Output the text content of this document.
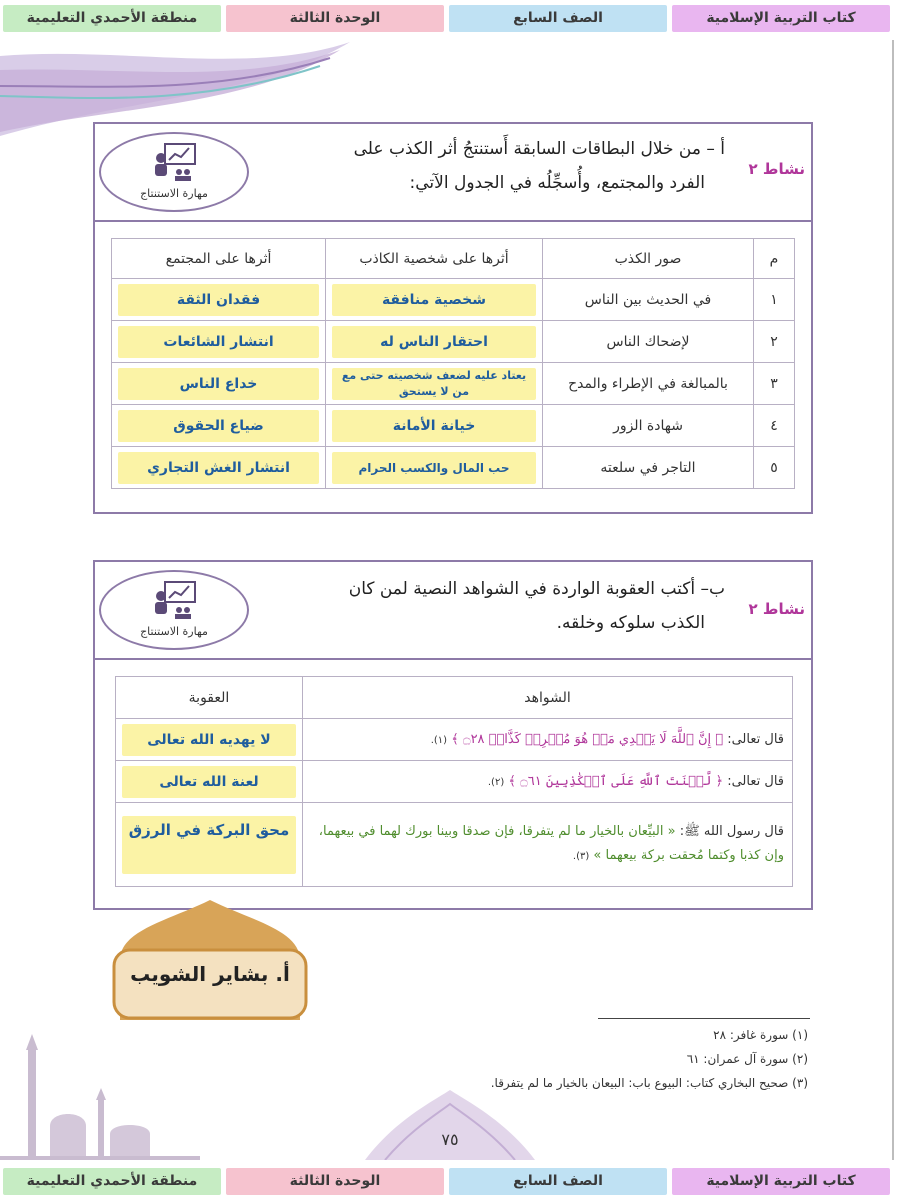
كتاب التربية الإسلامية
الصف السابع
الوحدة الثالثة
منطقة الأحمدي التعليمية
نشاط ٢
أ – من خلال البطاقات السابقة أَستنتجُ أثر الكذب على
الفرد والمجتمع، وأُسجِّلُه في الجدول الآتي:
مهارة الاستنتاج
م	صور الكذب	أثرها على شخصية الكاذب	أثرها على المجتمع
١	في الحديث بين الناس	شخصية منافقة	فقدان الثقة

٢	لإضحاك الناس	احتقار الناس له	انتشار الشائعات

٣	بالمبالغة في الإطراء والمدح	يعتاد عليه لضعف شخصيته حتى مع من لا يستحق	خداع الناس

٤	شهادة الزور	خيانة الأمانة	ضياع الحقوق

٥	التاجر في سلعته	حب المال والكسب الحرام	انتشار الغش التجاري
نشاط ٢
ب– أكتب العقوبة الواردة في الشواهد النصية لمن كان
الكذب سلوكه وخلقه.
مهارة الاستنتاج
الشواهد	العقوبة
قال تعالى: ﴿ إِنَّ ٱللَّهَ لَا يَهۡدِي مَنۡ هُوَ مُسۡرِفٞ كَذَّابٞ ۝٢٨ ﴾ (١).	لا يهديه الله تعالى

قال تعالى: ﴿ لَّعۡنَتَ ٱللَّهِ عَلَى ٱلۡكَٰذِبِينَ ۝٦١ ﴾ (٢).	لعنة الله تعالى

قال رسول الله ﷺ: « البيِّعان بالخيار ما لم يتفرقا، فإن صدقا وبينا بورك لهما في بيعهما، وإن كذبا وكتما مُحقت بركة بيعهما » (٣).	محق البركة في الرزق
أ. بشاير الشويب
(١) سورة غافر: ٢٨
(٢) سورة آل عمران: ٦١
(٣) صحيح البخاري كتاب: البيوع باب: البيعان بالخيار ما لم يتفرقا.
٧٥
كتاب التربية الإسلامية
الصف السابع
الوحدة الثالثة
منطقة الأحمدي التعليمية
